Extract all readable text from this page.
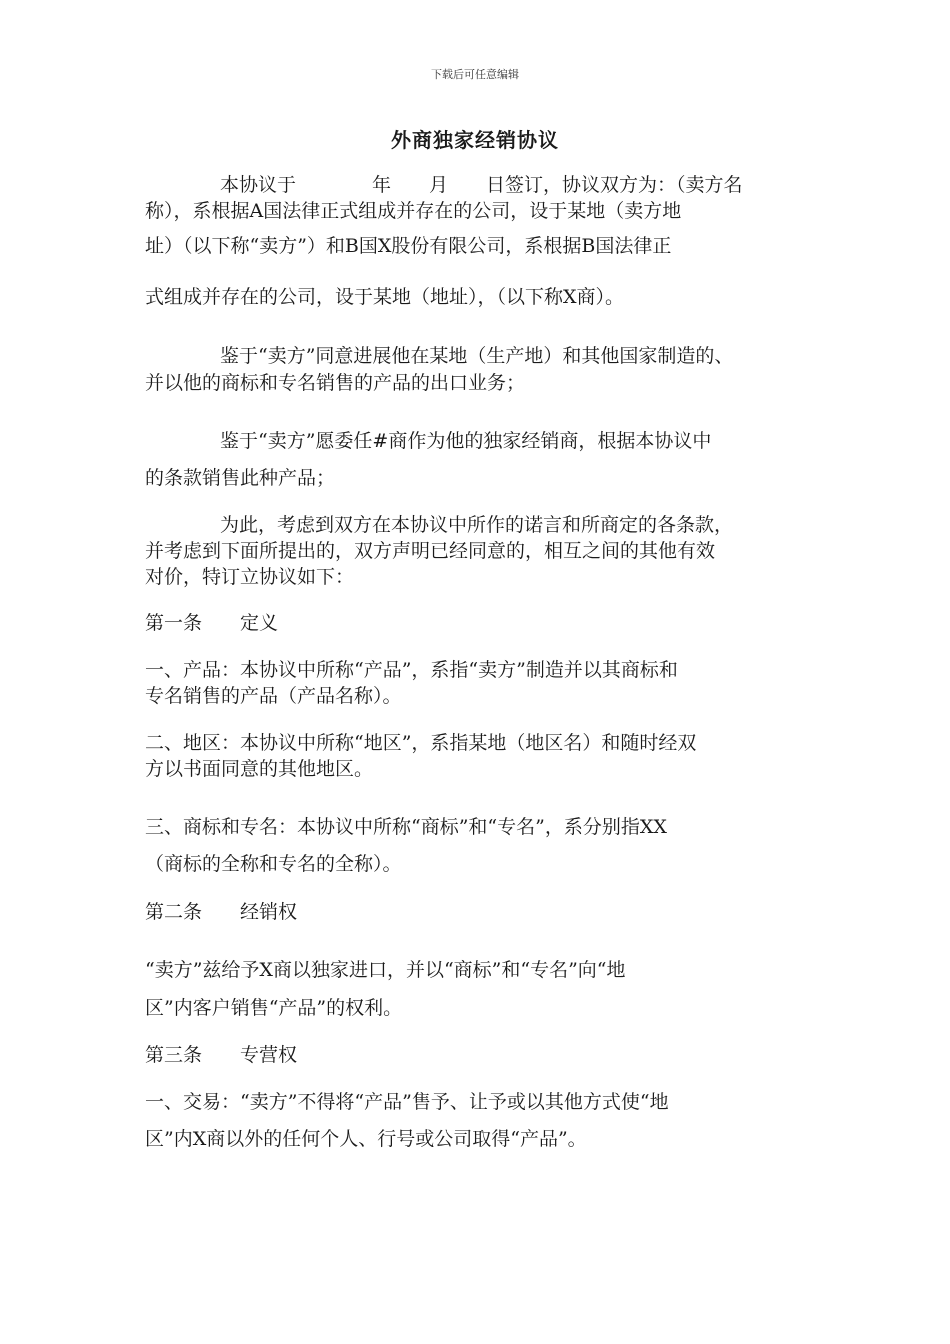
下载后可任意编辑
外商独家经销协议
本协议于　　　　年　　月　　日签订，协议双方为：（卖方名
称），系根据A国法律正式组成并存在的公司，设于某地（卖方地
址）（以下称“卖方”）和B国X股份有限公司，系根据B国法律正
式组成并存在的公司，设于某地（地址），（以下称X商）。
鉴于“卖方”同意进展他在某地（生产地）和其他国家制造的、
并以他的商标和专名销售的产品的出口业务；
鉴于“卖方”愿委任#商作为他的独家经销商，根据本协议中
的条款销售此种产品；
为此，考虑到双方在本协议中所作的诺言和所商定的各条款，
并考虑到下面所提出的，双方声明已经同意的，相互之间的其他有效
对价，特订立协议如下：
第一条 定义
一、产品：本协议中所称“产品”，系指“卖方”制造并以其商标和
专名销售的产品（产品名称）。
二、地区：本协议中所称“地区”，系指某地（地区名）和随时经双
方以书面同意的其他地区。
三、商标和专名：本协议中所称“商标”和“专名”，系分别指XX
（商标的全称和专名的全称）。
第二条 经销权
“卖方”兹给予X商以独家进口，并以“商标”和“专名”向“地
区”内客户销售“产品”的权利。
第三条 专营权
一、交易：“卖方”不得将“产品”售予、让予或以其他方式使“地
区”内X商以外的任何个人、行号或公司取得“产品”。
